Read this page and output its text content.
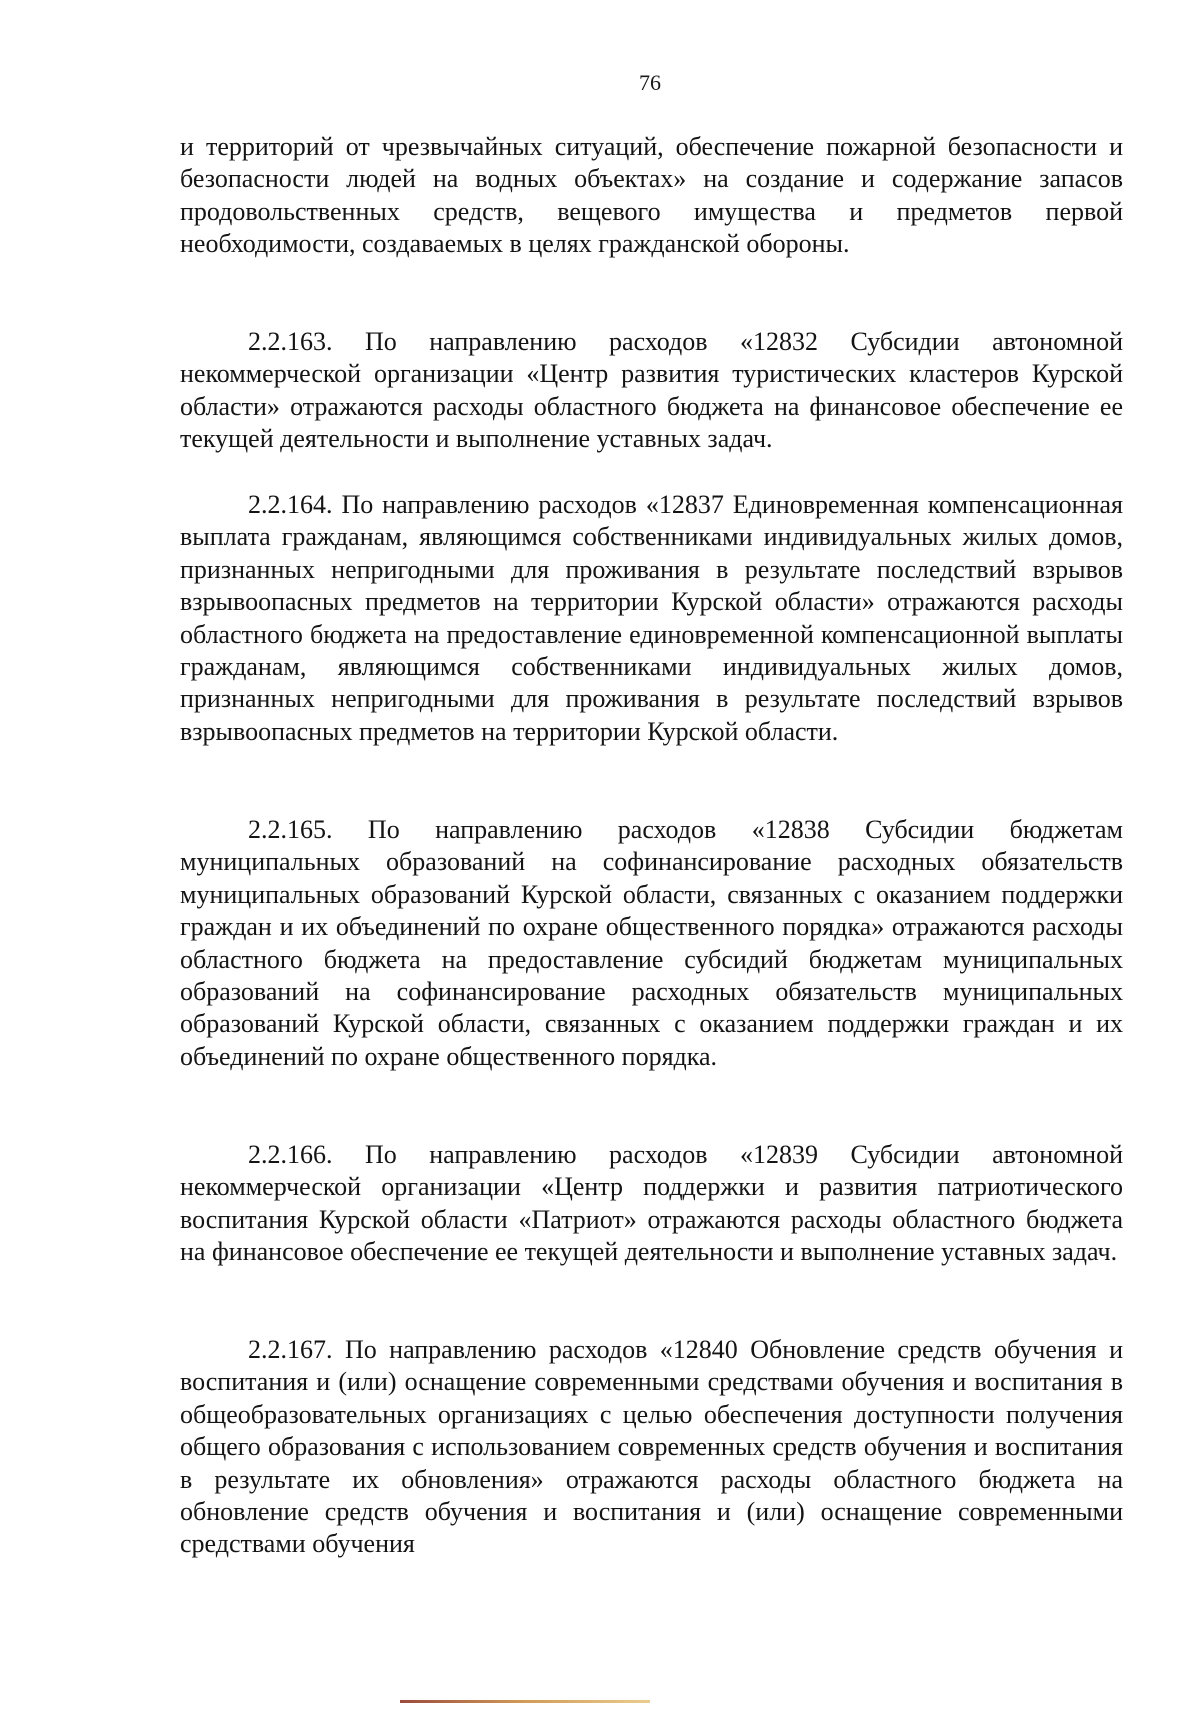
76

и территорий от чрезвычайных ситуаций, обеспечение пожарной безопасности и безопасности людей на водных объектах» на создание и содержание запасов продовольственных средств, вещевого имущества и предметов первой необходимости, создаваемых в целях гражданской обороны.

2.2.163. По направлению расходов «12832 Субсидии автономной некоммерческой организации «Центр развития туристических кластеров Курской области» отражаются расходы областного бюджета на финансовое обеспечение ее текущей деятельности и выполнение уставных задач.

2.2.164. По направлению расходов «12837 Единовременная компенсационная выплата гражданам, являющимся собственниками индивидуальных жилых домов, признанных непригодными для проживания в результате последствий взрывов взрывоопасных предметов на территории Курской области» отражаются расходы областного бюджета на предоставление единовременной компенсационной выплаты гражданам, являющимся собственниками индивидуальных жилых домов, признанных непригодными для проживания в результате последствий взрывов взрывоопасных предметов на территории Курской области.

2.2.165. По направлению расходов «12838 Субсидии бюджетам муниципальных образований на софинансирование расходных обязательств муниципальных образований Курской области, связанных с оказанием поддержки граждан и их объединений по охране общественного порядка» отражаются расходы областного бюджета на предоставление субсидий бюджетам муниципальных образований на софинансирование расходных обязательств муниципальных образований Курской области, связанных с оказанием поддержки граждан и их объединений по охране общественного порядка.

2.2.166. По направлению расходов «12839 Субсидии автономной некоммерческой организации «Центр поддержки и развития патриотического воспитания Курской области «Патриот» отражаются расходы областного бюджета на финансовое обеспечение ее текущей деятельности и выполнение уставных задач.

2.2.167. По направлению расходов «12840 Обновление средств обучения и воспитания и (или) оснащение современными средствами обучения и воспитания в общеобразовательных организациях с целью обеспечения доступности получения общего образования с использованием современных средств обучения и воспитания в результате их обновления» отражаются расходы областного бюджета на обновление средств обучения и воспитания и (или) оснащение современными средствами обучения
